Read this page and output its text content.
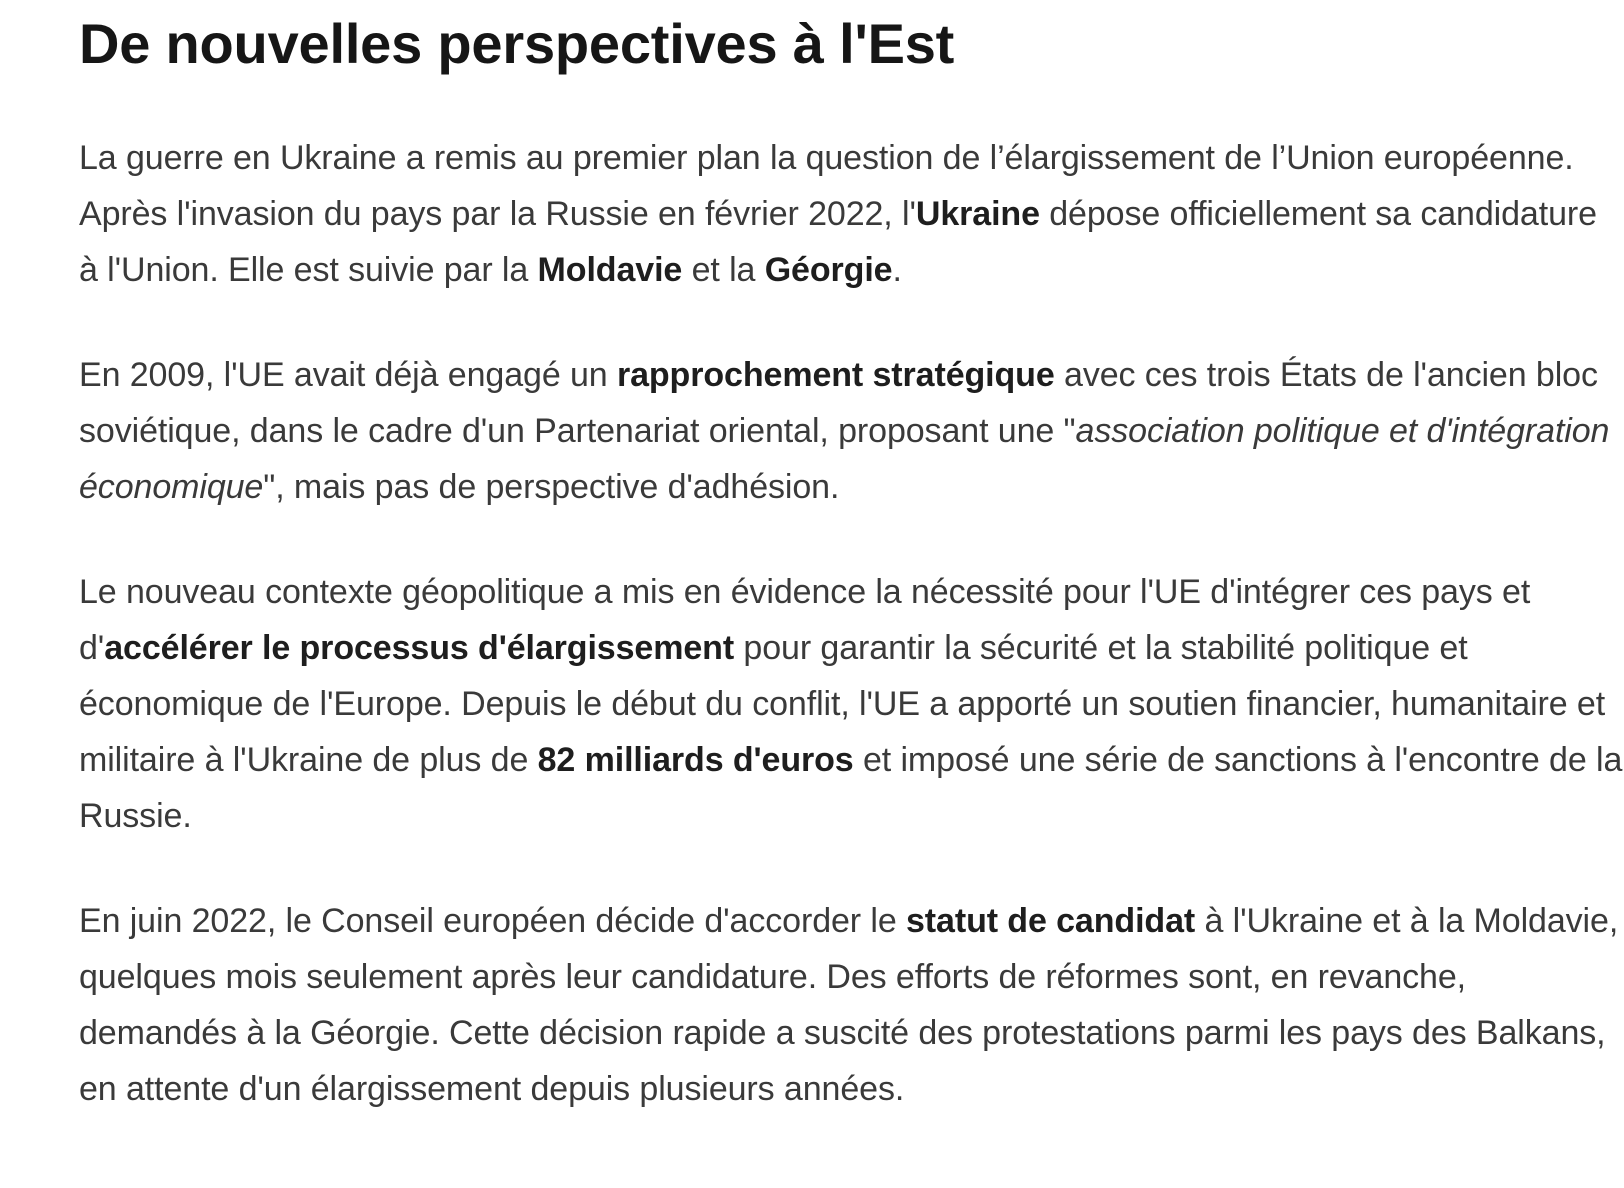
De nouvelles perspectives à l'Est

La guerre en Ukraine a remis au premier plan la question de l’élargissement de l’Union européenne. Après l'invasion du pays par la Russie en février 2022, l'Ukraine dépose officiellement sa candidature à l'Union. Elle est suivie par la Moldavie et la Géorgie.

En 2009, l'UE avait déjà engagé un rapprochement stratégique avec ces trois États de l'ancien bloc soviétique, dans le cadre d'un Partenariat oriental, proposant une "association politique et d'intégration économique", mais pas de perspective d'adhésion.

Le nouveau contexte géopolitique a mis en évidence la nécessité pour l'UE d'intégrer ces pays et d'accélérer le processus d'élargissement pour garantir la sécurité et la stabilité politique et économique de l'Europe. Depuis le début du conflit, l'UE a apporté un soutien financier, humanitaire et militaire à l'Ukraine de plus de 82 milliards d'euros et imposé une série de sanctions à l'encontre de la Russie.

En juin 2022, le Conseil européen décide d'accorder le statut de candidat à l'Ukraine et à la Moldavie, quelques mois seulement après leur candidature. Des efforts de réformes sont, en revanche, demandés à la Géorgie. Cette décision rapide a suscité des protestations parmi les pays des Balkans, en attente d'un élargissement depuis plusieurs années.
